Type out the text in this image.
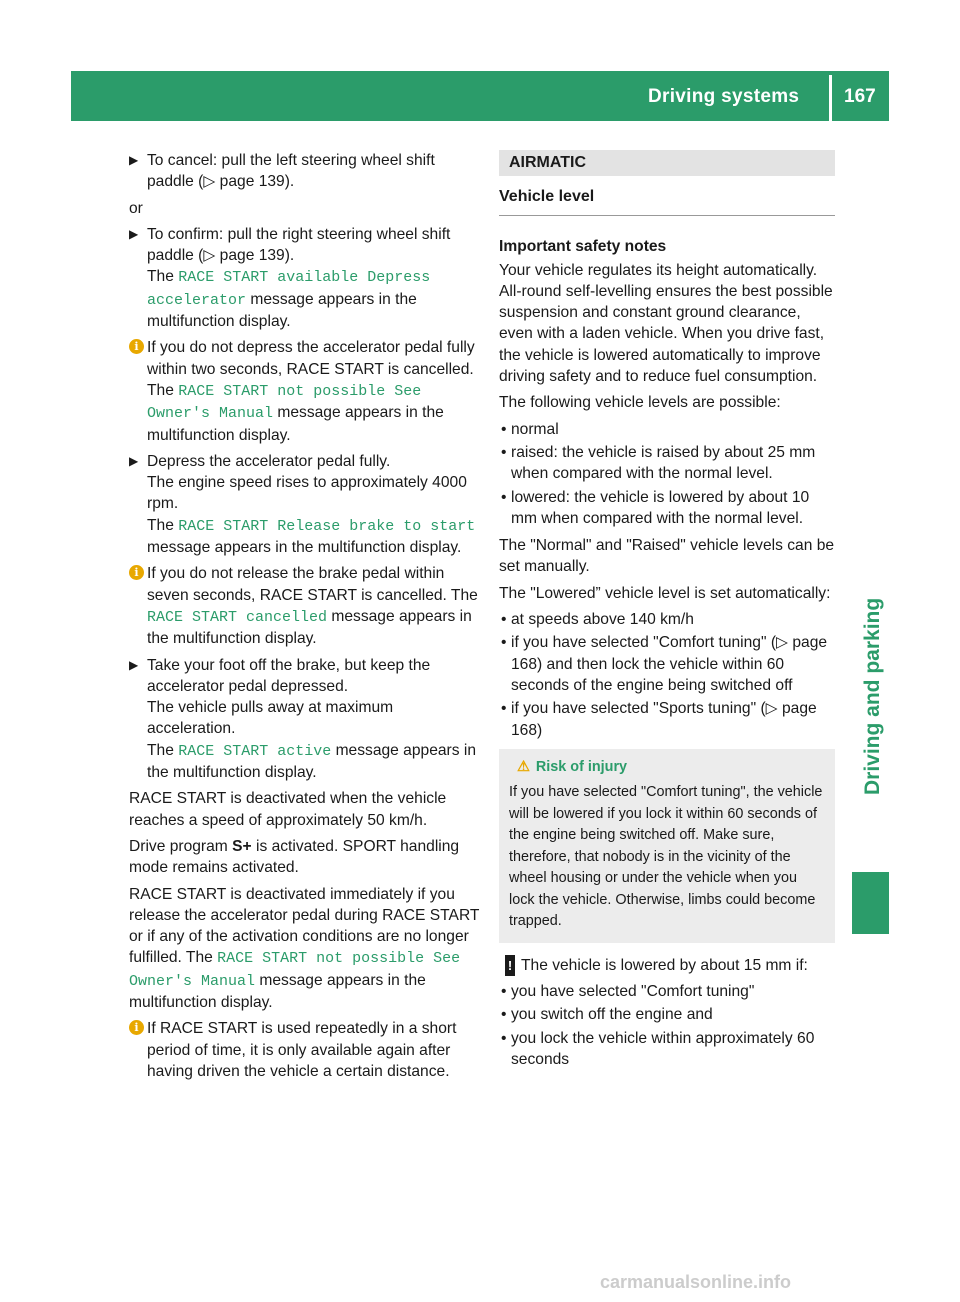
Driving systems 167
Driving and parking

▶ To cancel: pull the left steering wheel shift paddle (▷ page 139).

or

▶ To confirm: pull the right steering wheel shift paddle (▷ page 139).
The RACE START available Depress accelerator message appears in the multifunction display.

i If you do not depress the accelerator pedal fully within two seconds, RACE START is cancelled. The RACE START not possible See Owner's Manual message appears in the multifunction display.

▶ Depress the accelerator pedal fully.
The engine speed rises to approximately 4000 rpm.
The RACE START Release brake to start message appears in the multifunction display.

i If you do not release the brake pedal within seven seconds, RACE START is cancelled. The RACE START cancelled message appears in the multifunction display.

▶ Take your foot off the brake, but keep the accelerator pedal depressed.
The vehicle pulls away at maximum acceleration.
The RACE START active message appears in the multifunction display.

RACE START is deactivated when the vehicle reaches a speed of approximately 50 km/h.

Drive program S+ is activated. SPORT handling mode remains activated.

RACE START is deactivated immediately if you release the accelerator pedal during RACE START or if any of the activation conditions are no longer fulfilled. The RACE START not possible See Owner's Manual message appears in the multifunction display.

i If RACE START is used repeatedly in a short period of time, it is only available again after having driven the vehicle a certain distance.

AIRMATIC
Vehicle level
Important safety notes

Your vehicle regulates its height automatically. All-round self-levelling ensures the best possible suspension and constant ground clearance, even with a laden vehicle. When you drive fast, the vehicle is lowered automatically to improve driving safety and to reduce fuel consumption.

The following vehicle levels are possible:

• normal
• raised: the vehicle is raised by about 25 mm when compared with the normal level.
• lowered: the vehicle is lowered by about 10 mm when compared with the normal level.

The "Normal" and "Raised" vehicle levels can be set manually.

The "Lowered” vehicle level is set automatically:

• at speeds above 140 km/h
• if you have selected "Comfort tuning" (▷ page 168) and then lock the vehicle within 60 seconds of the engine being switched off
• if you have selected "Sports tuning" (▷ page 168)
⚠ Risk of injury
If you have selected "Comfort tuning", the vehicle will be lowered if you lock it within 60 seconds of the engine being switched off. Make sure, therefore, that nobody is in the vicinity of the wheel housing or under the vehicle when you lock the vehicle. Otherwise, limbs could become trapped.

! The vehicle is lowered by about 15 mm if:

• you have selected "Comfort tuning"
• you switch off the engine and
• you lock the vehicle within approximately 60 seconds
carmanualsonline.info
